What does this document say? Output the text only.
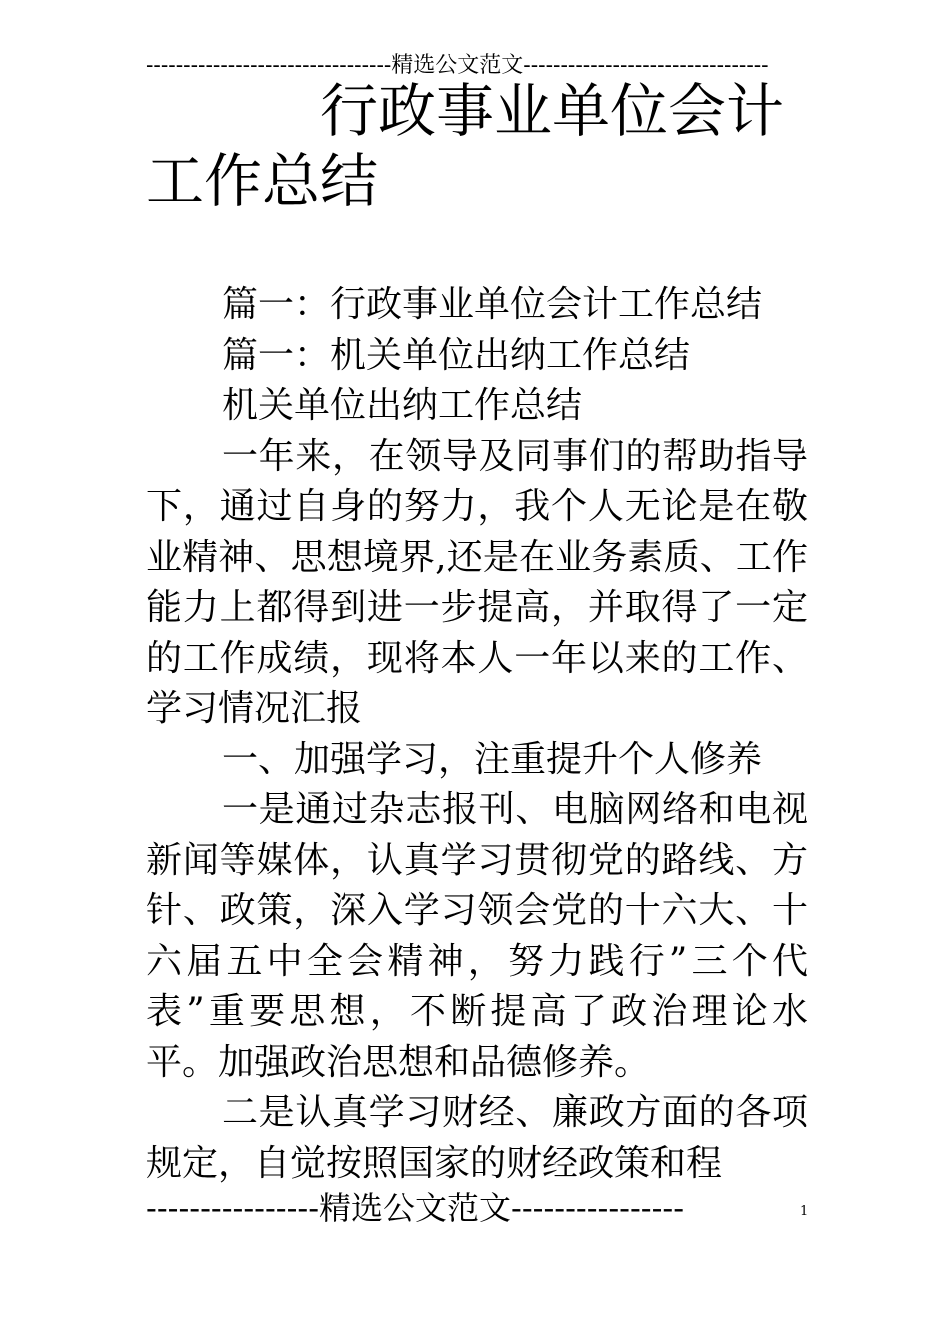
---------------------------------精选公文范文---------------------------------
行政事业单位会计
工作总结

篇一：行政事业单位会计工作总结

篇一：机关单位出纳工作总结

机关单位出纳工作总结

一年来，在领导及同事们的帮助指导下，通过自身的努力，我个人无论是在敬业精神、思想境界,还是在业务素质、工作能力上都得到进一步提高，并取得了一定的工作成绩，现将本人一年以来的工作、学习情况汇报

一、加强学习，注重提升个人修养

一是通过杂志报刊、电脑网络和电视新闻等媒体，认真学习贯彻党的路线、方针、政策，深入学习领会党的十六大、十六届五中全会精神，努力践行”三个代表”重要思想，不断提高了政治理论水平。加强政治思想和品德修养。

二是认真学习财经、廉政方面的各项规定，自觉按照国家的财经政策和程

----------------精选公文范文----------------	1
